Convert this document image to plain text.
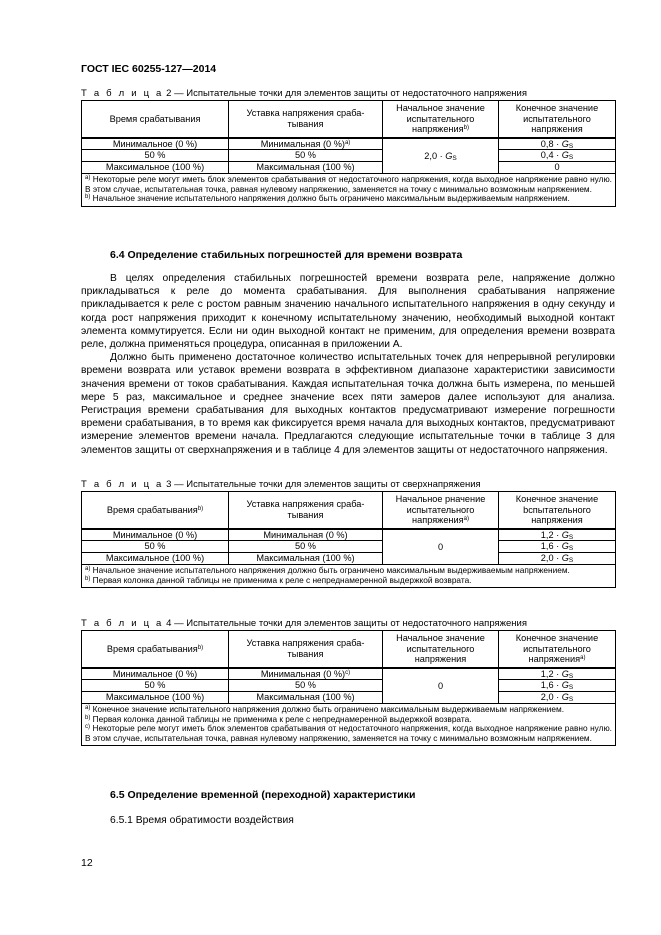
ГОСТ IEC 60255-127—2014
Т а б л и ц а 2 — Испытательные точки для элементов защиты от недостаточного напряжения
Время срабатывания	Уставка напряжения сраба-тывания	Начальное значение испытательного напряжения$^{b)}$	Конечное значение испытательного напряжения
Минимальное (0 %)	Минимальная (0 %)$^{a)}$	$2,0 \cdot G_S$	$0,8 \cdot G_S$
50 %	50 %		$0,4 \cdot G_S$
Максимальное (100 %)	Максимальная (100 %)		0

$^{a)}$ Некоторые реле могут иметь блок элементов срабатывания от недостаточного напряжения, когда выходное напряжение равно нулю. В этом случае, испытательная точка, равная нулевому напряжению, заменяется на точку с минимально возможным напряжением.

$^{b)}$ Начальное значение испытательного напряжения должно быть ограничено максимальным выдерживаемым напряжением.			

6.4 Определение стабильных погрешностей для времени возврата

В целях определения стабильных погрешностей времени возврата реле, напряжение должно прикладываться к реле до момента срабатывания. Для выполнения срабатывания напряжение прикладывается к реле с ростом равным значению начального испытательного напряжения в одну секунду и когда рост напряжения приходит к конечному испытательному значению, необходимый выходной контакт элемента коммутируется. Если ни один выходной контакт не применим, для определения времени возврата реле, должна применяться процедура, описанная в приложении А.

Должно быть применено достаточное количество испытательных точек для непрерывной регулировки времени возврата или уставок времени возврата в эффективном диапазоне характеристики зависимости значения времени от токов срабатывания. Каждая испытательная точка должна быть измерена, по меньшей мере 5 раз, максимальное и среднее значение всех пяти замеров далее используют для анализа. Регистрация времени срабатывания для выходных контактов предусматривают измерение погрешности времени срабатывания, в то время как фиксируется время начала для выходных контактов, предусматривают измерение элементов времени начала. Предлагаются следующие испытательные точки в таблице 3 для элементов защиты от сверхнапряжения и в таблице 4 для элементов защиты от недостаточного напряжения.

Т а б л и ц а 3 — Испытательные точки для элементов защиты от сверхнапряжения
Время срабатывания$^{b)}$	Уставка напряжения сраба-тывания	Начальное рначение испытательного напряжения$^{a)}$	Конечное значение bспытательного напряжения
Минимальное (0 %)	Минимальная (0 %)	0	$1,2 \cdot G_S$
50 %	50 %		$1,6 \cdot G_S$
Максимальное (100 %)	Максимальная (100 %)		$2,0 \cdot G_S$

$^{a)}$ Начальное значение испытательного напряжения должно быть ограничено максимальным выдерживаемым напряжением.

$^{b)}$ Первая колонка данной таблицы не применима к реле с непреднамеренной выдержкой возврата.			

Т а б л и ц а 4 — Испытательные точки для элементов защиты от недостаточного напряжения
Время срабатывания$^{b)}$	Уставка напряжения сраба-тывания	Начальное значение испытательного напряжения	Конечное значение испытательного напряжения$^{a)}$
Минимальное (0 %)	Минимальная (0 %)$^{c)}$	0	$1,2 \cdot G_S$
50 %	50 %		$1,6 \cdot G_S$
Максимальное (100 %)	Максимальная (100 %)		$2,0 \cdot G_S$

$^{a)}$ Конечное значение испытательного напряжения должно быть ограничено максимальным выдерживаемым напряжением.

$^{b)}$ Первая колонка данной таблицы не применима к реле с непреднамеренной выдержкой возврата.

$^{c)}$ Некоторые реле могут иметь блок элементов срабатывания от недостаточного напряжения, когда выходное напряжение равно нулю. В этом случае, испытательная точка, равная нулевому напряжению, заменяется на точку с минимально возможным напряжением.			

6.5 Определение временной (переходной) характеристики
6.5.1 Время обратимости воздействия
12
